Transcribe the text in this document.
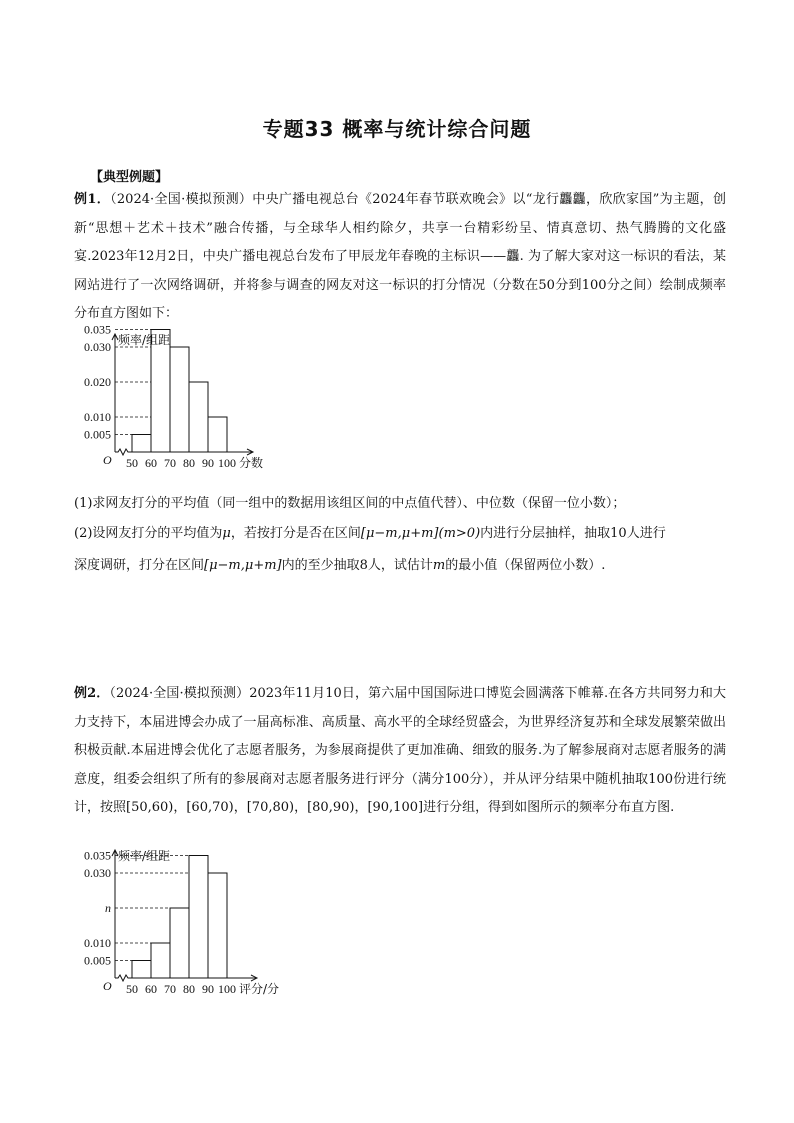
专题33 概率与统计综合问题
【典型例题】
例1．（2024·全国·模拟预测）中央广播电视总台《2024年春节联欢晚会》以“龙行龘龘，欣欣家国”为主题，创新“思想＋艺术＋技术”融合传播，与全球华人相约除夕，共享一台精彩纷呈、情真意切、热气腾腾的文化盛宴.2023年12月2日，中央广播电视总台发布了甲辰龙年春晚的主标识——龘. 为了解大家对这一标识的看法，某网站进行了一次网络调研，并将参与调查的网友对这一标识的打分情况（分数在50分到100分之间）绘制成频率分布直方图如下：
0.035
0.030
0.020
0.010
0.005
50 60 70 80 90 100
O
频率/组距
分数
(1)求网友打分的平均值（同一组中的数据用该组区间的中点值代替）、中位数（保留一位小数）；
(2)设网友打分的平均值为μ，若按打分是否在区间[μ−m,μ+m](m>0)内进行分层抽样，抽取10人进行
深度调研，打分在区间[μ−m,μ+m]内的至少抽取8人，试估计m的最小值（保留两位小数）.
例2．（2024·全国·模拟预测）2023年11月10日，第六届中国国际进口博览会圆满落下帷幕.在各方共同努力和大力支持下，本届进博会办成了一届高标准、高质量、高水平的全球经贸盛会，为世界经济复苏和全球发展繁荣做出积极贡献.本届进博会优化了志愿者服务，为参展商提供了更加准确、细致的服务.为了解参展商对志愿者服务的满意度，组委会组织了所有的参展商对志愿者服务进行评分（满分100分），并从评分结果中随机抽取100份进行统计，按照[50,60)，[60,70)，[70,80)，[80,90)，[90,100]进行分组，得到如图所示的频率分布直方图.
0.035
0.030
n
0.010
0.005
50 60 70 80 90 100
O
频率/组距
评分/分
